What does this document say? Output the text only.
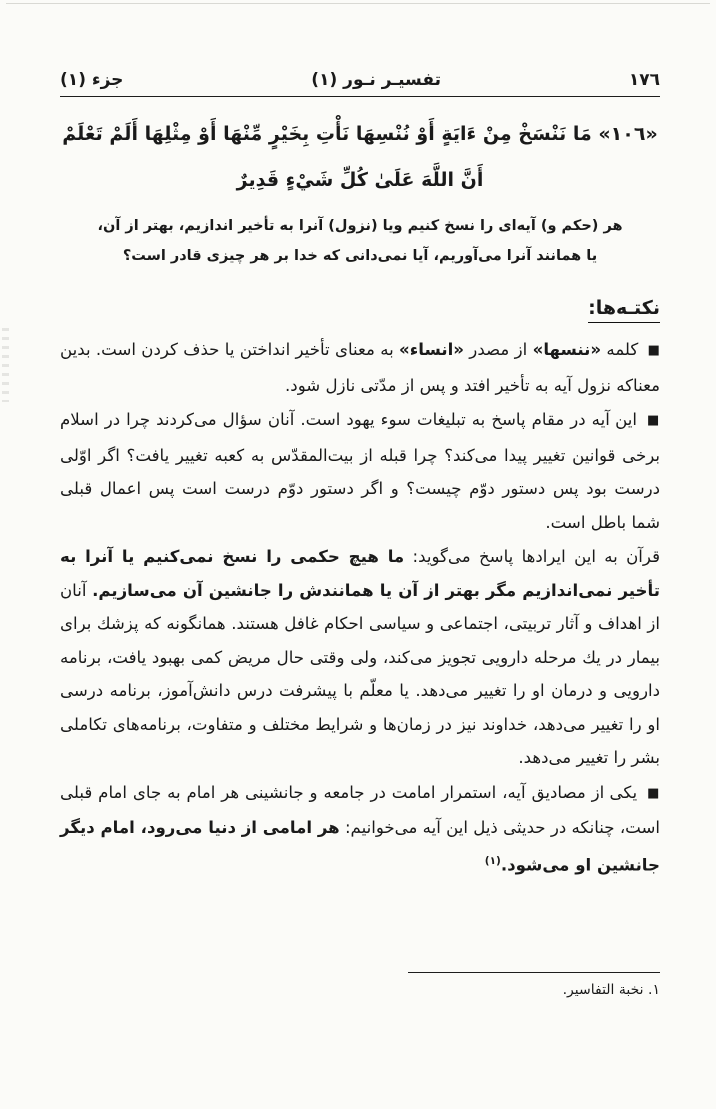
١٧٦
تفسيـر نـور (١)
جزء (١)
«١٠٦» مَا نَنْسَخْ مِنْ ءَايَةٍ أَوْ نُنْسِهَا نَأْتِ بِخَيْرٍ مِّنْهَا أَوْ مِثْلِهَا أَلَمْ تَعْلَمْ
أَنَّ اللَّهَ عَلَىٰ كُلِّ شَيْءٍ قَدِيرٌ
هر (حكم و) آيه‌اى را نسخ كنيم ويا (نزول) آنرا به تأخير اندازيم، بهتر از آن،
يا همانند آنرا مى‌آوريم، آيا نمى‌دانى كه خدا بر هر چيزى قادر است؟
نكتـه‌ها:

■ كلمه «ننسها» از مصدر «انساء» به معناى تأخير انداختن يا حذف كردن است. بدين معناكه نزول آيه به تأخير افتد و پس از مدّتى نازل شود.

■ اين آيه در مقام پاسخ به تبليغات سوء يهود است. آنان سؤال مى‌كردند چرا در اسلام برخى قوانين تغيير پيدا مى‌كند؟ چرا قبله از بيت‌المقدّس به كعبه تغيير يافت؟ اگر اوّلى درست بود پس دستور دوّم چيست؟ و اگر دستور دوّم درست است پس اعمال قبلى شما باطل است.

قرآن به اين ايرادها پاسخ مى‌گويد: ما هيچ حكمى را نسخ نمى‌كنيم يا آنرا به تأخير نمى‌اندازيم مگر بهتر از آن يا همانندش را جانشين آن مى‌سازيم. آنان از اهداف و آثار تربيتى، اجتماعى و سياسى احكام غافل هستند. همانگونه كه پزشك براى بيمار در يك مرحله دارويى تجويز مى‌كند، ولى وقتى حال مريض كمى بهبود يافت، برنامه دارويى و درمان او را تغيير مى‌دهد. يا معلّم با پيشرفت درس دانش‌آموز، برنامه درسى او را تغيير مى‌دهد، خداوند نيز در زمان‌ها و شرايط مختلف و متفاوت، برنامه‌هاى تكاملى بشر را تغيير مى‌دهد.

■ يكى از مصاديق آيه، استمرار امامت در جامعه و جانشينى هر امام به جاى امام قبلى است، چنانكه در حديثى ذيل اين آيه مى‌خوانيم: هر امامى از دنيا مى‌رود، امام ديگر جانشين او مى‌شود.$^{(١)}$

١. نخبة التفاسير.
